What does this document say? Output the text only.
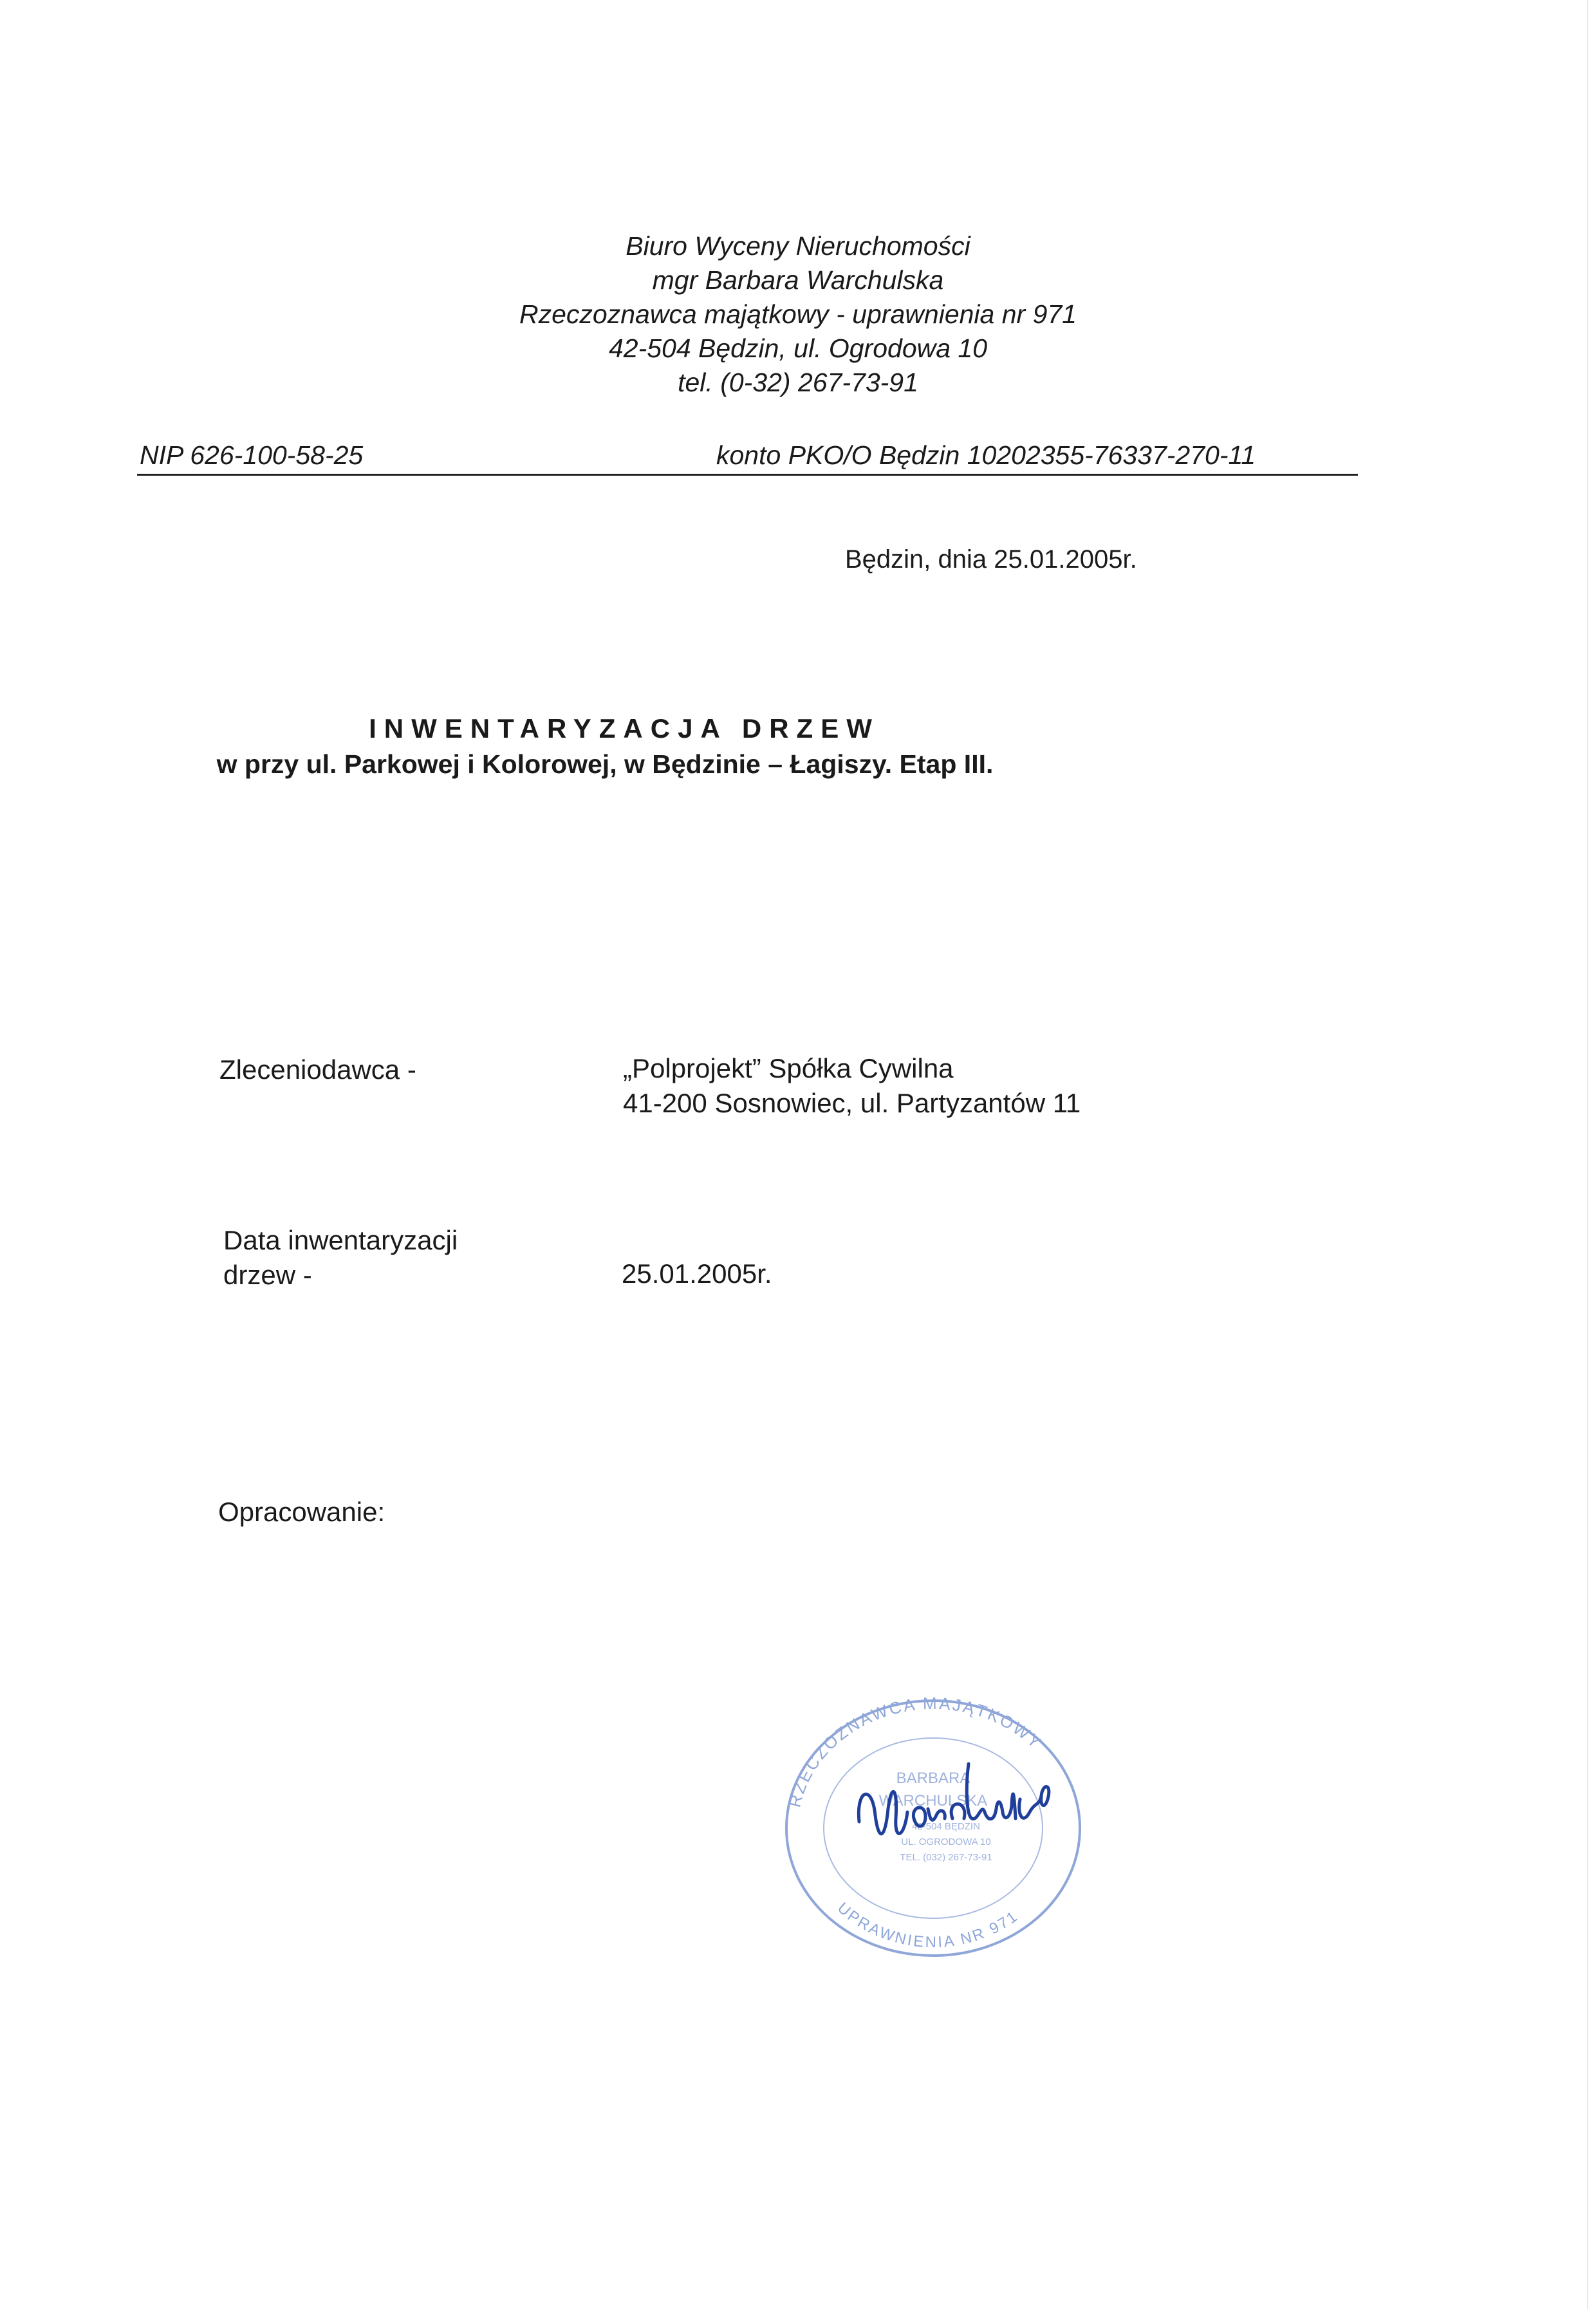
Biuro Wyceny Nieruchomości
mgr Barbara Warchulska
Rzeczoznawca majątkowy - uprawnienia nr 971
42-504 Będzin, ul. Ogrodowa 10
tel. (0-32) 267-73-91
NIP 626-100-58-25	konto PKO/O Będzin 10202355-76337-270-11
Będzin, dnia 25.01.2005r.
INWENTARYZACJA DRZEW
w przy ul. Parkowej i Kolorowej, w Będzinie – Łagiszy. Etap III.
Zleceniodawca -	„Polprojekt” Spółka Cywilna
41-200 Sosnowiec, ul. Partyzantów 11
Data inwentaryzacji
drzew -	25.01.2005r.
Opracowanie:
RZECZOZNAWCA MAJĄTKOWY
UPRAWNIENIA NR 971
BARBARA
WARCHULSKA
42-504 BĘDZIN
UL. OGRODOWA 10
TEL. (032) 267-73-91
